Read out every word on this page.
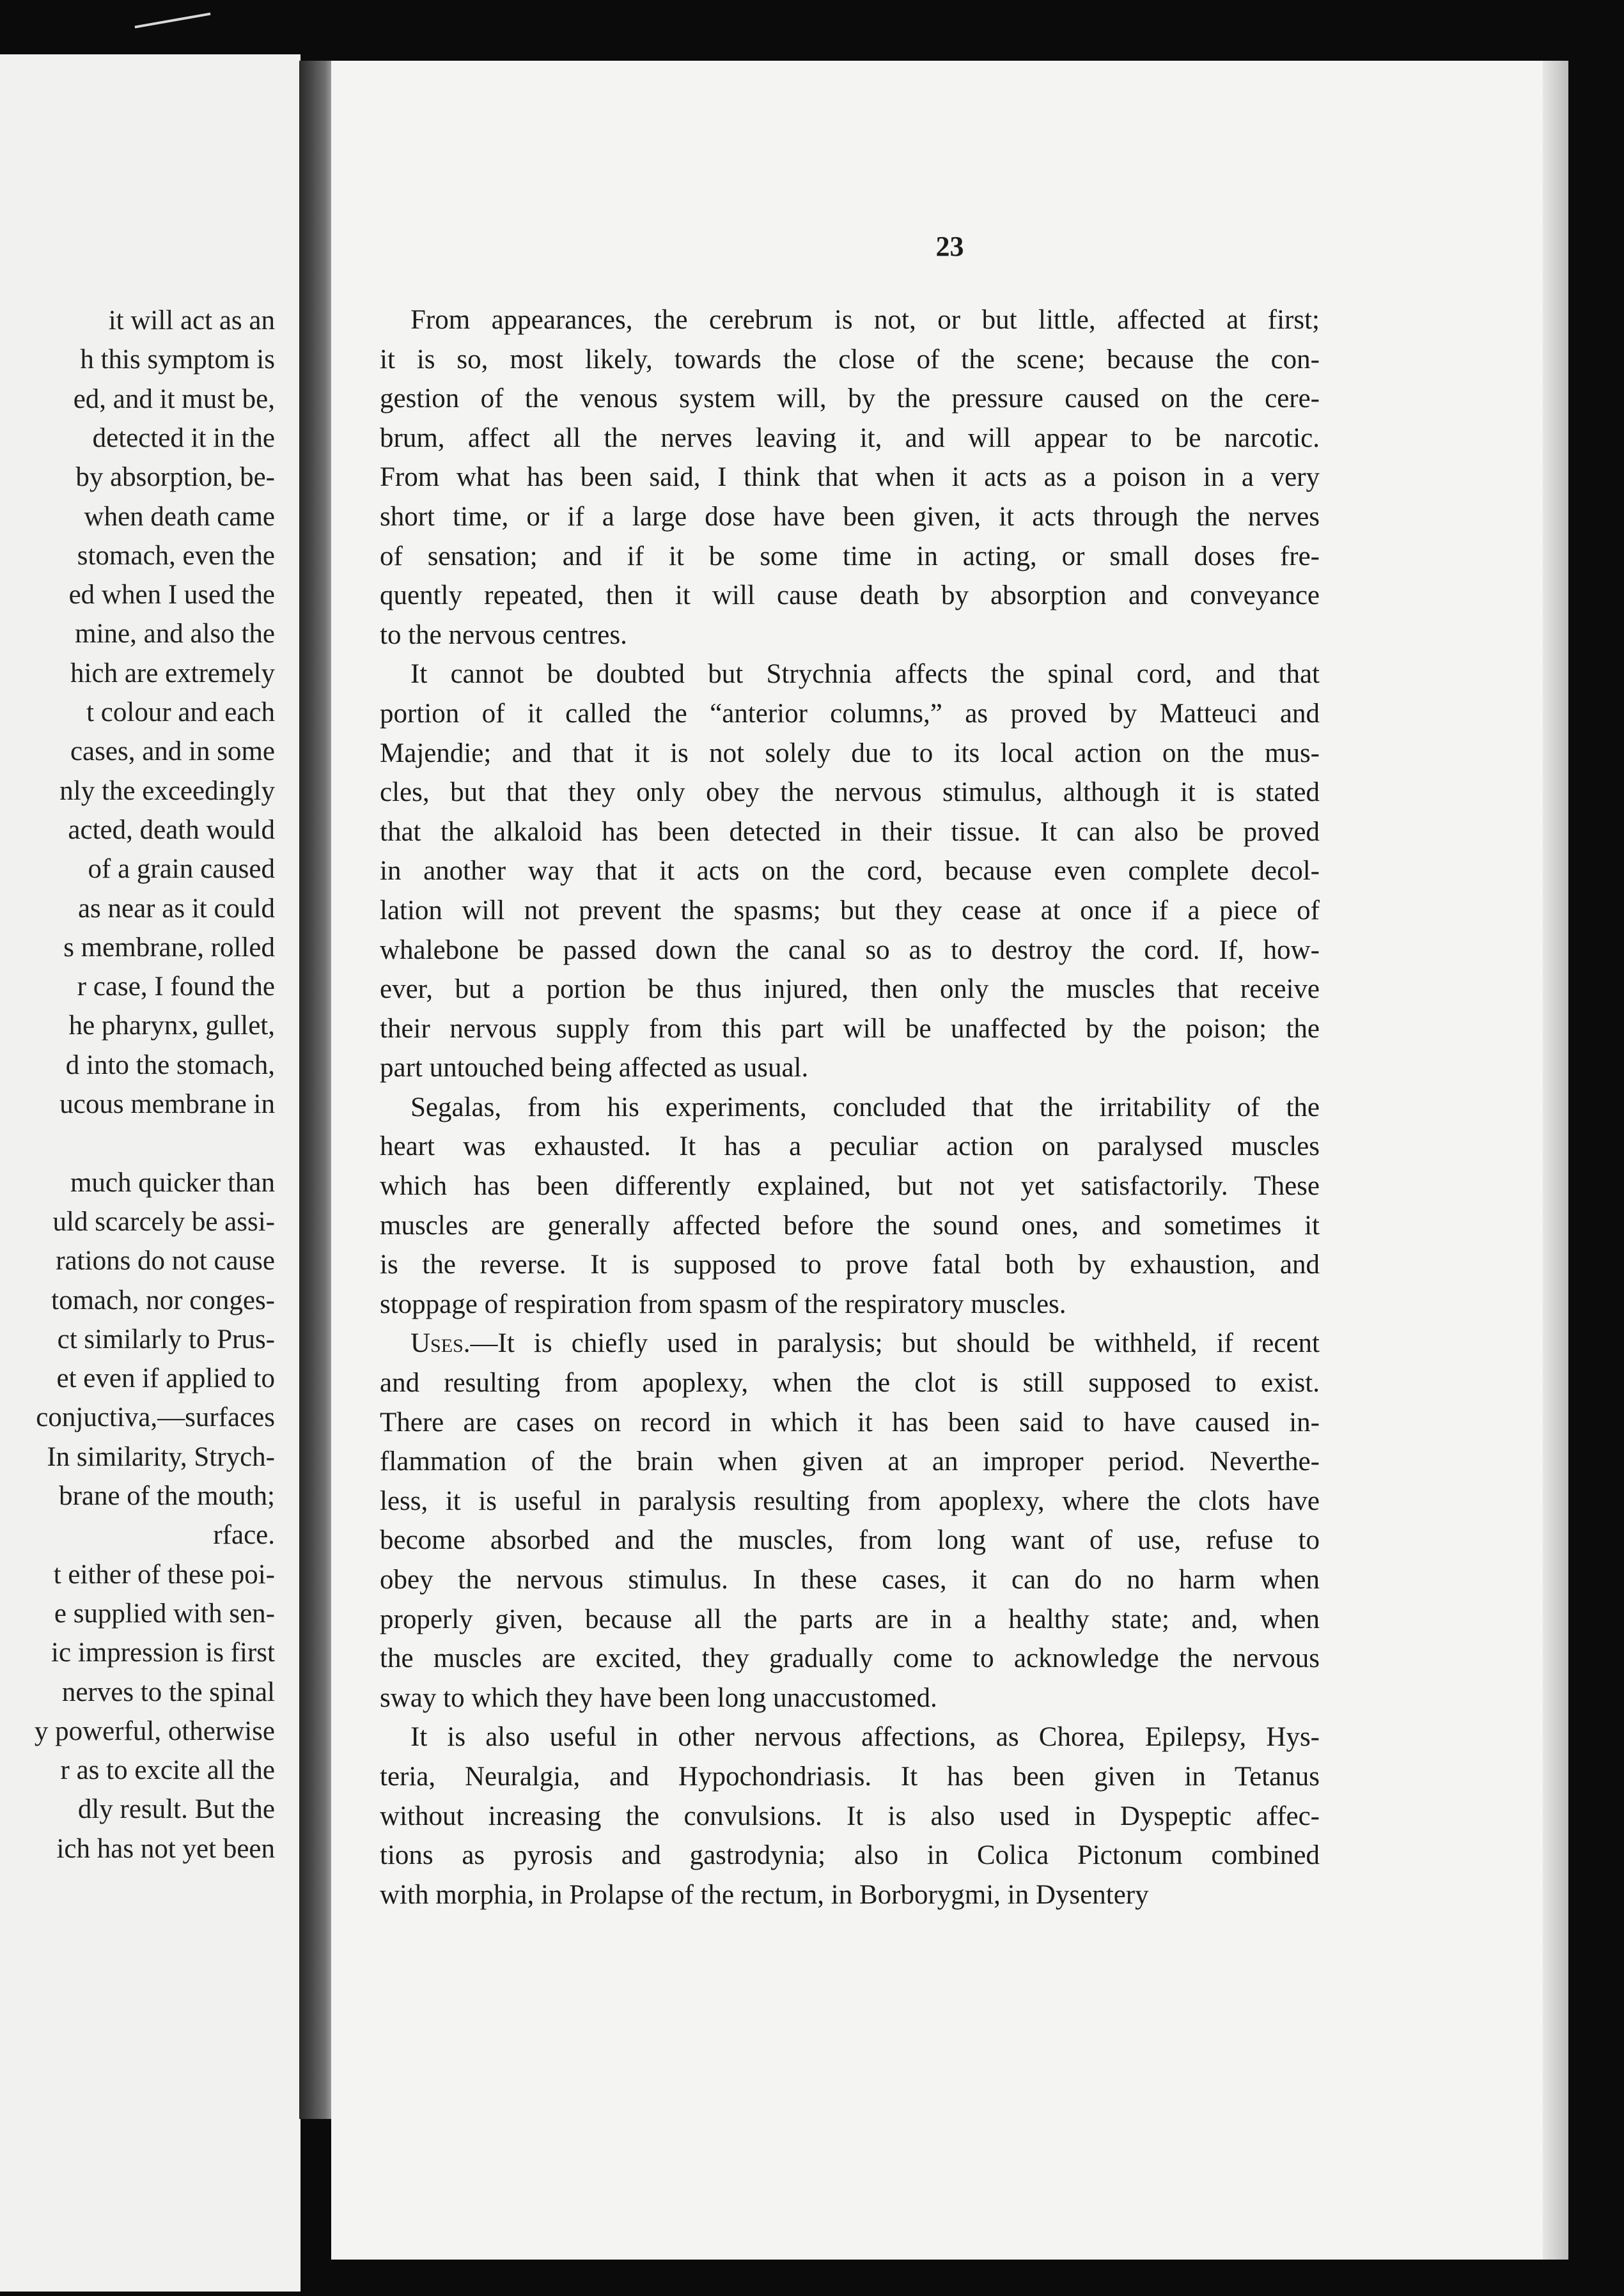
it will act as an
h this symptom is
ed, and it must be,
detected it in the
by absorption, be-
when death came
stomach, even the
ed when I used the
mine, and also the
hich are extremely
t colour and each
cases, and in some
nly the exceedingly
acted, death would
of a grain caused
as near as it could
s membrane, rolled
r case, I found the
he pharynx, gullet,
d into the stomach,
ucous membrane in
much quicker than
uld scarcely be assi-
rations do not cause
tomach, nor conges-
ct similarly to Prus-
et even if applied to
conjuctiva,—surfaces
In similarity, Strych-
brane of the mouth;
rface.
t either of these poi-
e supplied with sen-
ic impression is first
nerves to the spinal
y powerful, otherwise
r as to excite all the
dly result. But the
ich has not yet been
23
From appearances, the cerebrum is not, or but little, affected at first;
it is so, most likely, towards the close of the scene; because the con-
gestion of the venous system will, by the pressure caused on the cere-
brum, affect all the nerves leaving it, and will appear to be narcotic.
From what has been said, I think that when it acts as a poison in a very
short time, or if a large dose have been given, it acts through the nerves
of sensation; and if it be some time in acting, or small doses fre-
quently repeated, then it will cause death by absorption and conveyance
to the nervous centres.
It cannot be doubted but Strychnia affects the spinal cord, and that
portion of it called the “anterior columns,” as proved by Matteuci and
Majendie; and that it is not solely due to its local action on the mus-
cles, but that they only obey the nervous stimulus, although it is stated
that the alkaloid has been detected in their tissue. It can also be proved
in another way that it acts on the cord, because even complete decol-
lation will not prevent the spasms; but they cease at once if a piece of
whalebone be passed down the canal so as to destroy the cord. If, how-
ever, but a portion be thus injured, then only the muscles that receive
their nervous supply from this part will be unaffected by the poison; the
part untouched being affected as usual.
Segalas, from his experiments, concluded that the irritability of the
heart was exhausted. It has a peculiar action on paralysed muscles
which has been differently explained, but not yet satisfactorily. These
muscles are generally affected before the sound ones, and sometimes it
is the reverse. It is supposed to prove fatal both by exhaustion, and
stoppage of respiration from spasm of the respiratory muscles.
Uses.—It is chiefly used in paralysis; but should be withheld, if recent
and resulting from apoplexy, when the clot is still supposed to exist.
There are cases on record in which it has been said to have caused in-
flammation of the brain when given at an improper period. Neverthe-
less, it is useful in paralysis resulting from apoplexy, where the clots have
become absorbed and the muscles, from long want of use, refuse to
obey the nervous stimulus. In these cases, it can do no harm when
properly given, because all the parts are in a healthy state; and, when
the muscles are excited, they gradually come to acknowledge the nervous
sway to which they have been long unaccustomed.
It is also useful in other nervous affections, as Chorea, Epilepsy, Hys-
teria, Neuralgia, and Hypochondriasis. It has been given in Tetanus
without increasing the convulsions. It is also used in Dyspeptic affec-
tions as pyrosis and gastrodynia; also in Colica Pictonum combined
with morphia, in Prolapse of the rectum, in Borborygmi, in Dysentery
